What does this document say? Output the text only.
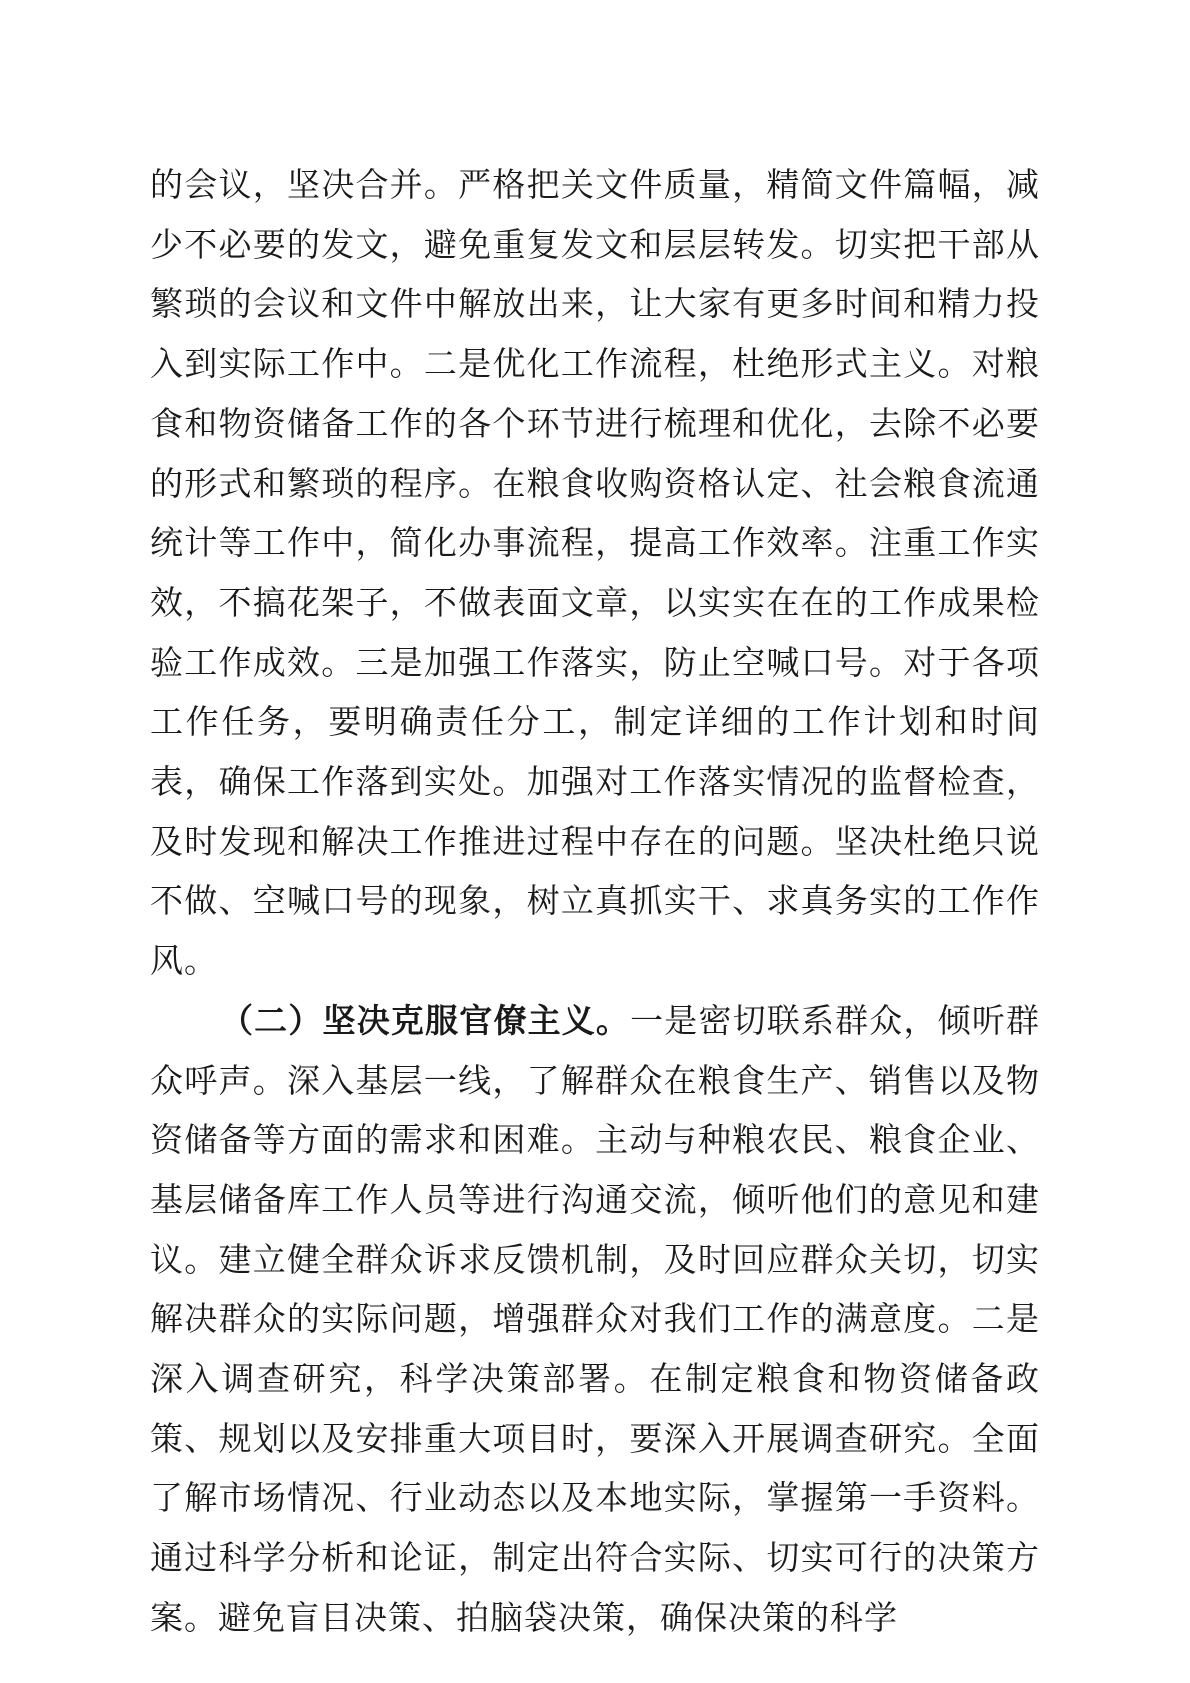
的会议，坚决合并。严格把关文件质量，精简文件篇幅，减少不必要的发文，避免重复发文和层层转发。切实把干部从繁琐的会议和文件中解放出来，让大家有更多时间和精力投入到实际工作中。二是优化工作流程，杜绝形式主义。对粮食和物资储备工作的各个环节进行梳理和优化，去除不必要的形式和繁琐的程序。在粮食收购资格认定、社会粮食流通统计等工作中，简化办事流程，提高工作效率。注重工作实效，不搞花架子，不做表面文章，以实实在在的工作成果检验工作成效。三是加强工作落实，防止空喊口号。对于各项工作任务，要明确责任分工，制定详细的工作计划和时间表，确保工作落到实处。加强对工作落实情况的监督检查，及时发现和解决工作推进过程中存在的问题。坚决杜绝只说不做、空喊口号的现象，树立真抓实干、求真务实的工作作风。

（二）坚决克服官僚主义。一是密切联系群众，倾听群众呼声。深入基层一线，了解群众在粮食生产、销售以及物资储备等方面的需求和困难。主动与种粮农民、粮食企业、基层储备库工作人员等进行沟通交流，倾听他们的意见和建议。建立健全群众诉求反馈机制，及时回应群众关切，切实解决群众的实际问题，增强群众对我们工作的满意度。二是深入调查研究，科学决策部署。在制定粮食和物资储备政策、规划以及安排重大项目时，要深入开展调查研究。全面了解市场情况、行业动态以及本地实际，掌握第一手资料。通过科学分析和论证，制定出符合实际、切实可行的决策方案。避免盲目决策、拍脑袋决策，确保决策的科学
